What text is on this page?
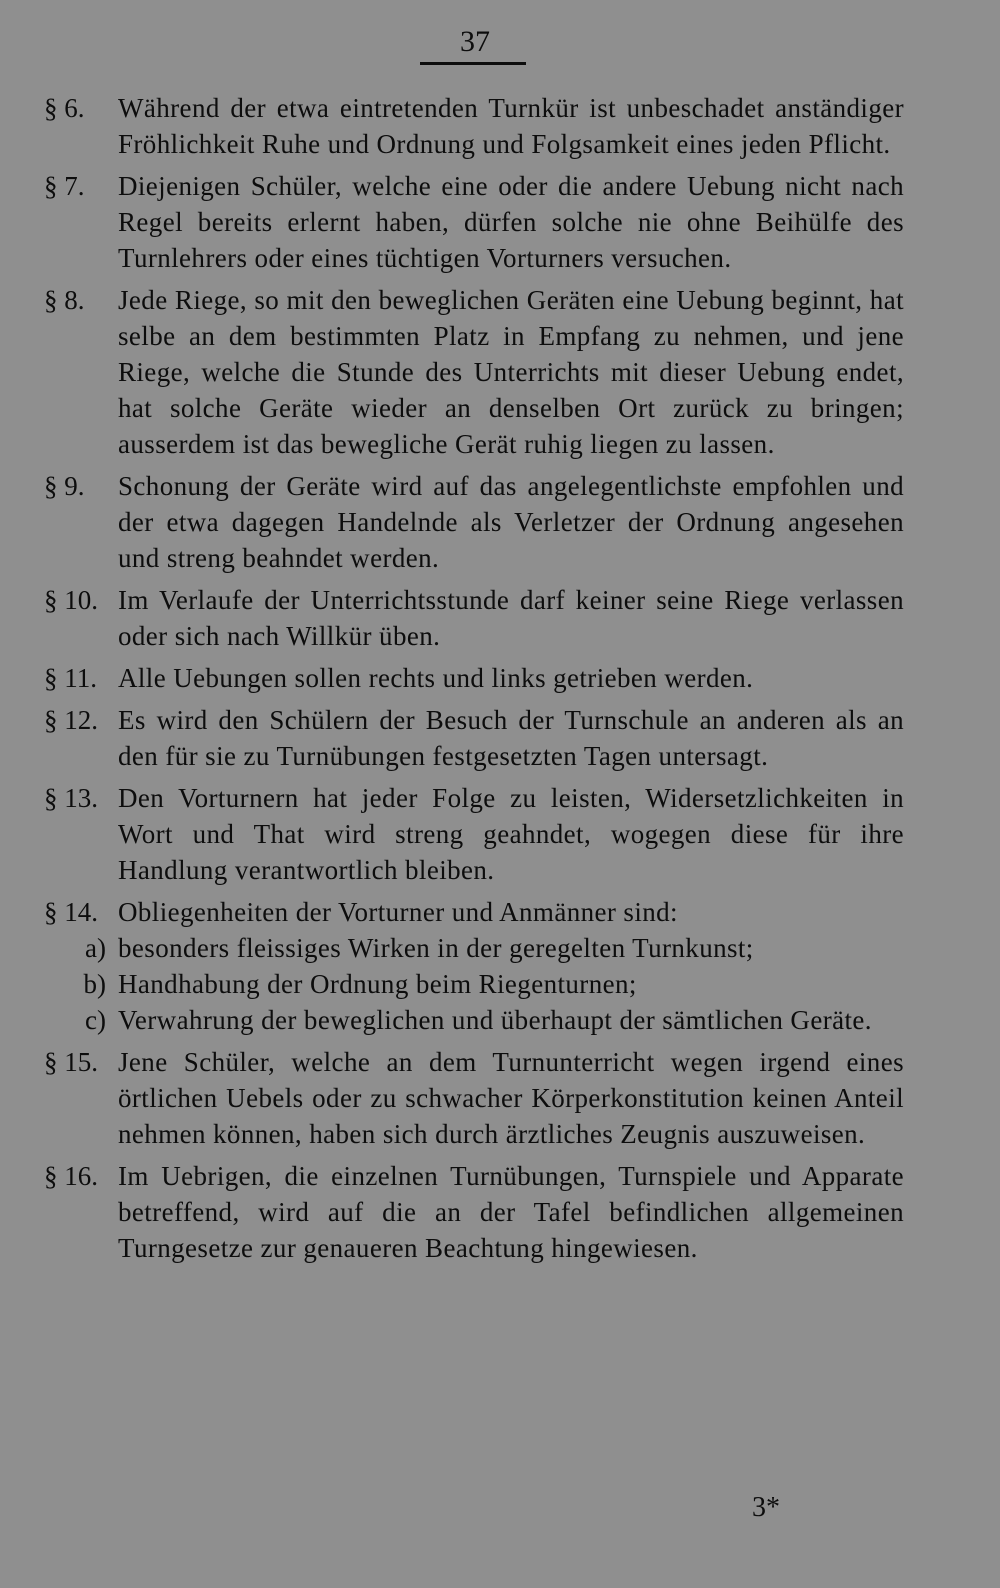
37
§ 6.	Während der etwa eintretenden Turnkür ist unbeschadet anständiger Fröhlichkeit Ruhe und Ordnung und Folgsamkeit eines jeden Pflicht.
§ 7.	Diejenigen Schüler, welche eine oder die andere Uebung nicht nach Regel bereits erlernt haben, dürfen solche nie ohne Beihülfe des Turnlehrers oder eines tüchtigen Vorturners versuchen.
§ 8.	Jede Riege, so mit den beweglichen Geräten eine Uebung beginnt, hat selbe an dem bestimmten Platz in Empfang zu nehmen, und jene Riege, welche die Stunde des Unterrichts mit dieser Uebung endet, hat solche Geräte wieder an denselben Ort zurück zu bringen; ausserdem ist das bewegliche Gerät ruhig liegen zu lassen.
§ 9.	Schonung der Geräte wird auf das angelegentlichste empfohlen und der etwa dagegen Handelnde als Verletzer der Ordnung angesehen und streng beahndet werden.
§ 10. Im Verlaufe der Unterrichtsstunde darf keiner seine Riege verlassen oder sich nach Willkür üben.
§ 11. Alle Uebungen sollen rechts und links getrieben werden.
§ 12. Es wird den Schülern der Besuch der Turnschule an anderen als an den für sie zu Turnübungen festgesetzten Tagen untersagt.
§ 13. Den Vorturnern hat jeder Folge zu leisten, Widersetzlichkeiten in Wort und That wird streng geahndet, wogegen diese für ihre Handlung verantwortlich bleiben.
§ 14. Obliegenheiten der Vorturner und Anmänner sind:
a) besonders fleissiges Wirken in der geregelten Turnkunst;
b) Handhabung der Ordnung beim Riegenturnen;
c) Verwahrung der beweglichen und überhaupt der sämtlichen Geräte.
§ 15. Jene Schüler, welche an dem Turnunterricht wegen irgend eines örtlichen Uebels oder zu schwacher Körperkonstitution keinen Anteil nehmen können, haben sich durch ärztliches Zeugnis auszuweisen.
§ 16. Im Uebrigen, die einzelnen Turnübungen, Turnspiele und Apparate betreffend, wird auf die an der Tafel befindlichen allgemeinen Turngesetze zur genaueren Beachtung hingewiesen.
3*
